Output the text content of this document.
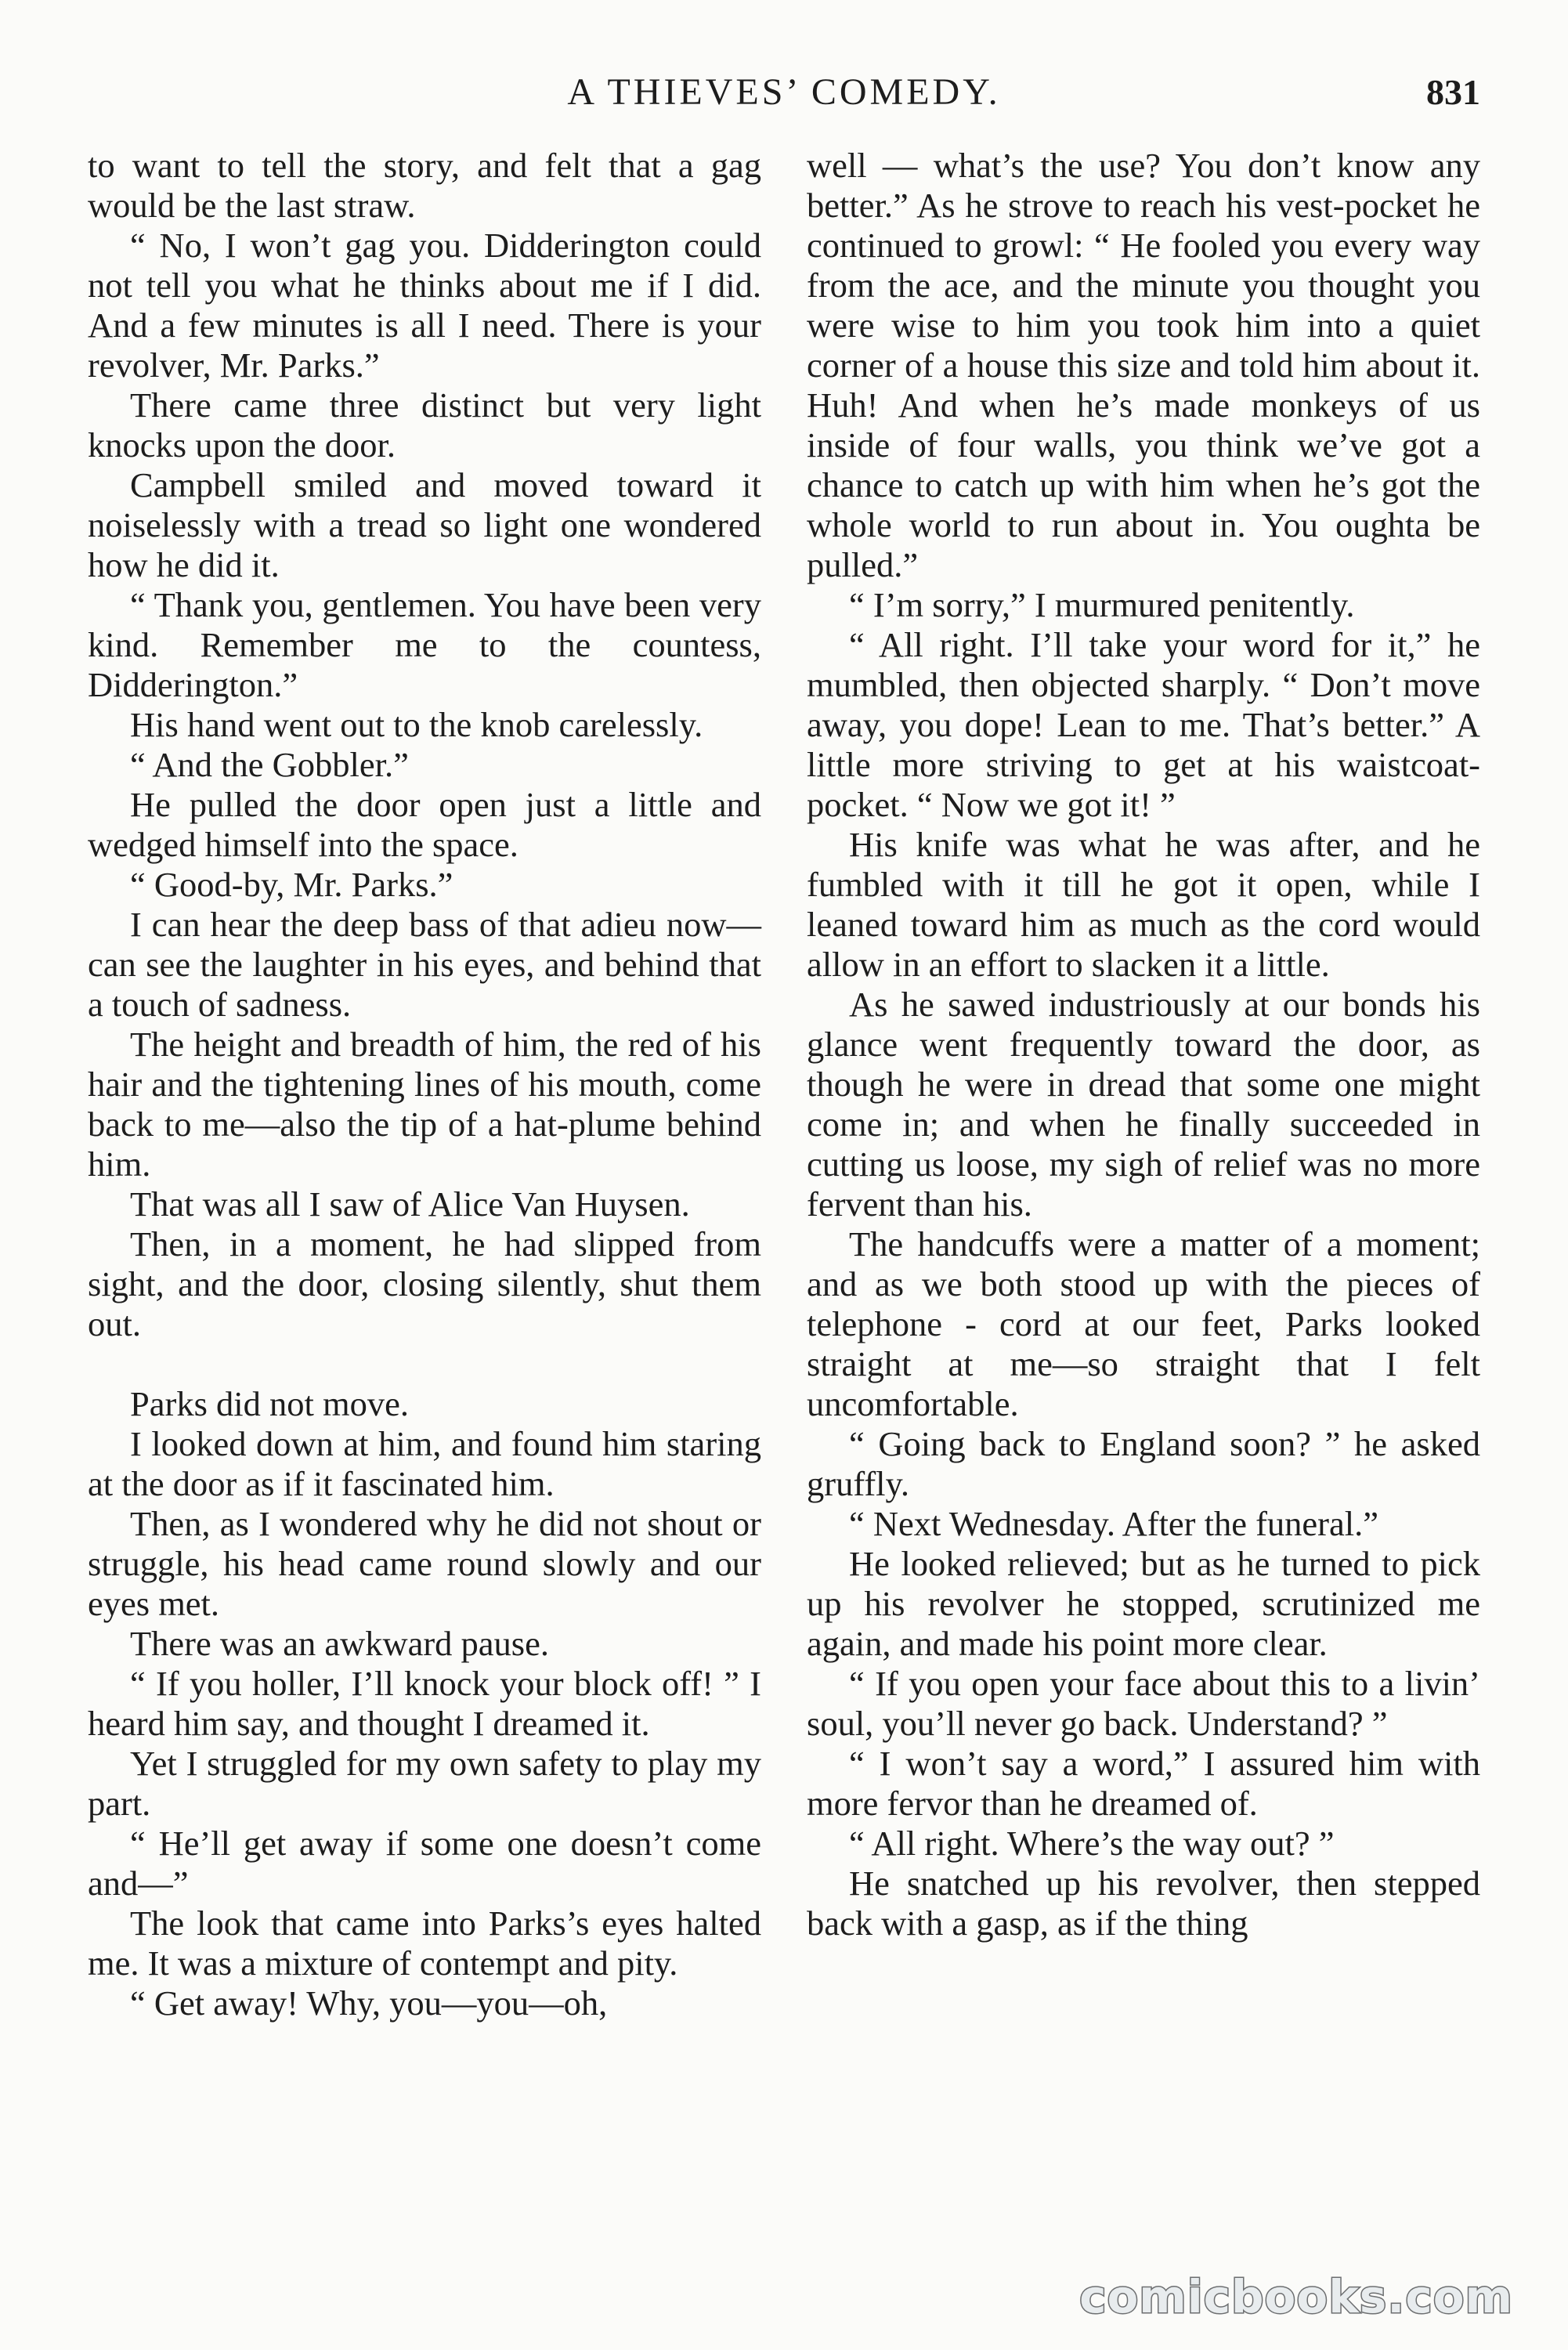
A THIEVES’ COMEDY.	831

to want to tell the story, and felt that a gag would be the last straw.

“ No, I won’t gag you. Didderington could not tell you what he thinks about me if I did. And a few minutes is all I need. There is your revolver, Mr. Parks.”

There came three distinct but very light knocks upon the door.

Campbell smiled and moved toward it noiselessly with a tread so light one wondered how he did it.

“ Thank you, gentlemen. You have been very kind. Remember me to the countess, Didderington.”

His hand went out to the knob carelessly.

“ And the Gobbler.”

He pulled the door open just a little and wedged himself into the space.

“ Good-by, Mr. Parks.”

I can hear the deep bass of that adieu now—can see the laughter in his eyes, and behind that a touch of sadness.

The height and breadth of him, the red of his hair and the tightening lines of his mouth, come back to me—also the tip of a hat-plume behind him.

That was all I saw of Alice Van Huysen.

Then, in a moment, he had slipped from sight, and the door, closing silently, shut them out.

Parks did not move.

I looked down at him, and found him staring at the door as if it fascinated him.

Then, as I wondered why he did not shout or struggle, his head came round slowly and our eyes met.

There was an awkward pause.

“ If you holler, I’ll knock your block off! ” I heard him say, and thought I dreamed it.

Yet I struggled for my own safety to play my part.

“ He’ll get away if some one doesn’t come and—”

The look that came into Parks’s eyes halted me. It was a mixture of contempt and pity.

“ Get away! Why, you—you—oh,

well — what’s the use? You don’t know any better.” As he strove to reach his vest-pocket he continued to growl: “ He fooled you every way from the ace, and the minute you thought you were wise to him you took him into a quiet corner of a house this size and told him about it. Huh! And when he’s made monkeys of us inside of four walls, you think we’ve got a chance to catch up with him when he’s got the whole world to run about in. You oughta be pulled.”

“ I’m sorry,” I murmured penitently.

“ All right. I’ll take your word for it,” he mumbled, then objected sharply. “ Don’t move away, you dope! Lean to me. That’s better.” A little more striving to get at his waistcoat-pocket. “ Now we got it! ”

His knife was what he was after, and he fumbled with it till he got it open, while I leaned toward him as much as the cord would allow in an effort to slacken it a little.

As he sawed industriously at our bonds his glance went frequently toward the door, as though he were in dread that some one might come in; and when he finally succeeded in cutting us loose, my sigh of relief was no more fervent than his.

The handcuffs were a matter of a moment; and as we both stood up with the pieces of telephone - cord at our feet, Parks looked straight at me—so straight that I felt uncomfortable.

“ Going back to England soon? ” he asked gruffly.

“ Next Wednesday. After the funeral.”

He looked relieved; but as he turned to pick up his revolver he stopped, scrutinized me again, and made his point more clear.

“ If you open your face about this to a livin’ soul, you’ll never go back. Understand? ”

“ I won’t say a word,” I assured him with more fervor than he dreamed of.

“ All right. Where’s the way out? ”

He snatched up his revolver, then stepped back with a gasp, as if the thing

comicbooks.com
